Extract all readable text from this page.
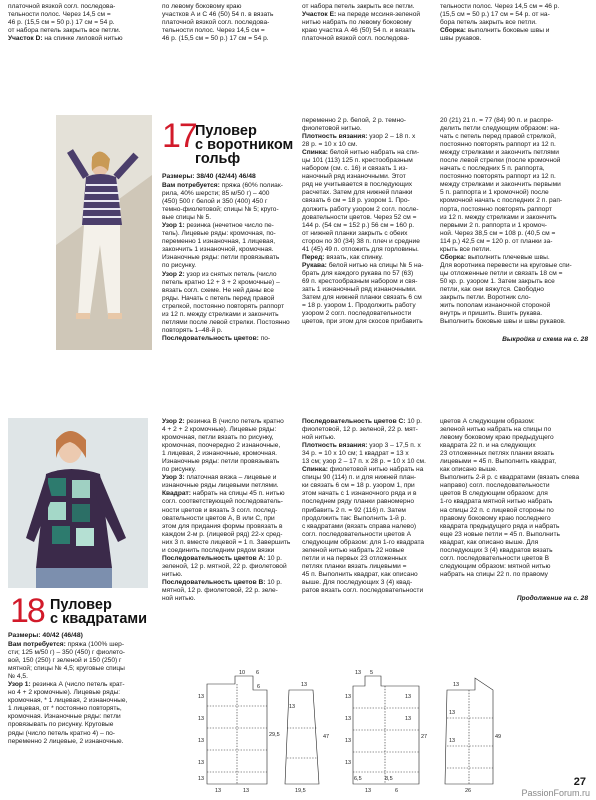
платочной вязкой согл. последова-

тельности полос. Через 14,5 см =

46 р. (15,5 см = 50 р.) 17 см = 54 р.

от набора петель закрыть все петли.

Участок D: на спинке лиловой нитью

по левому боковому краю

участков А и С 46 (50) 54 п. в вязать

платочной вязкой согл. последова-

тельности полос. Через 14,5 см =

46 р. (15,5 см = 50 р.) 17 см = 54 р.

от набора петель закрыть все петли.

Участок Е: на переде мссиня-зеленой

нитью набрать по левому боковому

краю участка А 46 (50) 54 п. и вязать

платочной вязкой согл. последова-

тельности полос. Через 14,5 см = 46 р.

(15,5 см = 50 р.) 17 см = 54 р. от на-

бора петель закрыть все петли.

Сборка: выполнить боковые швы и

швы рукавов.

17 Пуловер
с воротником
гольф
Размеры: 38/40 (42/44) 46/48

Вам потребуется: пряжа (60% полиак-

рила, 40% шерсти; 85 м/50 г) – 400

(450) 500 г белой и 350 (400) 450 г

темно-фиолетовой; спицы № 5; круго-

вые спицы № 5.

Узор 1: резинка (нечетное число пе-

тель). Лицевые ряды: кромочная, по-

переменно 1 изнаночная, 1 лицевая,

закончить 1 изнаночной, кромочная.

Изнаночные ряды: петли провязывать

по рисунку.

Узор 2: узор из снятых петель (число

петель кратно 12 + 3 + 2 кромочные) –

вязать согл. схеме. Не ней даны все

ряды. Начать с петель перед правой

стрелкой, постоянно повторять раппорт

из 12 п. между стрелками и закончить

петлями после левой стрелки. Постоянно

повторять 1–48-й р.

Последовательность цветов: по-

переменно 2 р. белой, 2 р. темно-

фиолетовой нитью.

Плотность вязания: узор 2 – 18 п. х

28 р. = 10 х 10 см.

Спинка: белой нитью набрать на спи-

цы 101 (113) 125 п. крестообразным

набором (см. с. 16) и связать 1 из-

наночный ряд изнаночными. Этот

ряд не учитывается в последующих

расчетах. Затем для нижней планки

связать 6 см = 18 р. узором 1. Про-

должить работу узором 2 согл. после-

довательности цветов. Через 52 см =

144 р. (54 см = 152 р.) 56 см = 160 р.

от нижней планки закрыть с обеих

сторон по 30 (34) 38 п. плеч и средние

41 (45) 49 п. отложить для горловины.

Перед: вязать, как спинку.

Рукава: белой нитью на спицы № 5 на-

брать для каждого рукава по 57 (63)

69 п. крестообразным набором и свя-

зать 1 изнаночный ряд изнаночными.

Затем для нижней планки связать 6 см

= 18 р. узором 1. Продолжить работу

узором 2 согл. последовательности

цветов, при этом для скосов прибавить

20 (21) 21 п. = 77 (84) 90 п. и распре-

делить петли следующим образом: на-

чать с петель перед правой стрелкой,

постоянно повторять раппорт из 12 п.

между стрелками и закончить петлями

после левой стрелки (после кромочной

начать с последних 5 п. раппорта,

постоянно повторять раппорт из 12 п.

между стрелками и закончить первыми

5 п. раппорта и 1 кромочной) после

кромочной начать с последних 2 п. рап-

порта, постоянно повторять раппорт

из 12 п. между стрелками и закончить

первыми 2 п. раппорта и 1 кромоч-

ной. Через 38,5 см = 108 р. (40,5 см =

114 р.) 42,5 см = 120 р. от планки за-

крыть все петли.

Сборка: выполнить плечевые швы.

Для воротника перевести на круговые спи-

цы отложенные петли и связать 18 см =

50 кр. р. узором 1. Затем закрыть все

петли, как они вяжутся. Свободно

закрыть петли. Воротник сло-

жить пополам изнаночной стороной

внутрь и пришить. Вшить рукава.

Выполнить боковые швы и швы рукавов.

Выкройка и схема на с. 28
18 Пуловер
с квадратами
Размеры: 40/42 (46/48)

Вам потребуется: пряжа (100% шер-

сти; 125 м/50 г) – 350 (450) г фиолето-

вой, 150 (250) г зеленой и 150 (250) г

мятной; спицы № 4,5; круговые спицы

№ 4,5.

Узор 1: резинка А (число петель крат-

но 4 + 2 кромочные). Лицевые ряды:

кромочная, * 1 лицевая, 2 изнаночные,

1 лицевая, от * постоянно повторять,

кромочная. Изнаночные ряды: петли

провязывать по рисунку. Круговые

ряды (число петель кратно 4) – по-

переменно 2 лицевые, 2 изнаночные.

Узор 2: резинка В (число петель кратно

4 + 2 + 2 кромочные). Лицевые ряды:

кромочная, петли вязать по рисунку,

кромочная, поочередно 2 изнаночные,

1 лицевая, 2 изнаночные, кромочная.

Изнаночные ряды: петли провязывать

по рисунку.

Узор 3: платочная вязка – лицевые и

изнаночные ряды лицевыми петлями.

Квадрат: набрать на спицы 45 п. нитью

согл. соответствующей последователь-

ности цветов и вязать 3 согл. послед-

овательности цветов А, В или С, при

этом для придания формы провязать в

каждом 2-м р. (лицевой ряд) 22-х сред-

них 3 п. вместе лицевой = 1 п. Завершить

и соединить последним рядом вязки

Последовательность цветов А: 10 р.

зеленой, 12 р. мятной, 22 р. фиолетовой

нитью.

Последовательность цветов В: 10 р.

мятной, 12 р. фиолетовой, 22 р. зеле-

ной нитью.

Последовательность цветов С: 10 р.

фиолетовой, 12 р. зеленой, 22 р. мят-

ной нитью.

Плотность вязания: узор 3 – 17,5 п. х

34 р. = 10 х 10 см; 1 квадрат = 13 х

13 см; узор 2 – 17 п. х 28 р. = 10 х 10 см.

Спинка: фиолетовой нитью набрать на

спицы 90 (114) п. и для нижней план-

ки связать 6 см = 18 р. узором 1, при

этом начать с 1 изнаночного ряда и в

последнем ряду планки равномерно

прибавить 2 п. = 92 (116) п. Затем

продолжить так: Выполнить 1-й р.

с квадратами (вязать справа налево)

согл. последовательности цветов А

следующим образом: для 1-го квадрата

зеленой нитью набрать 22 новые

петли и на первых 23 отложенных

петлях планки вязать лицевыми =

45 п. Выполнить квадрат, как описано

выше. Для последующих 3 (4) квад-

ратов вязать согл. последовательности

цветов А следующим образом:

зеленой нитью набрать на спицы по

левому боковому краю предыдущего

квадрата 22 п. и на следующих

23 отложенных петлях планки вязать

лицевыми = 45 п. Выполнить квадрат,

как описано выше.

Выполнить 2-й р. с квадратами (вязать слева

направо) согл. последовательности

цветов В следующим образом: для

1-го квадрата мятной нитью набрать

на спицы 22 п. с лицевой стороны по

правому боковому краю последнего

квадрата предыдущего ряда и набрать

еще 23 новые петли = 45 п. Выполнить

квадрат, как описано выше. Для

последующих 3 (4) квадратов вязать

согл. последовательности цветов В

следующим образом: мятной нитью

набрать на спицы 22 п. по правому

Продолжение на с. 28
10 6
13
13
13
13
13
29,5
13	13
6	13
13
47
19,5
13 5
13
13
13
27
13
13	6
6,5	8,5
13
13
13
13
13
49
26
27
PassionForum.ru
